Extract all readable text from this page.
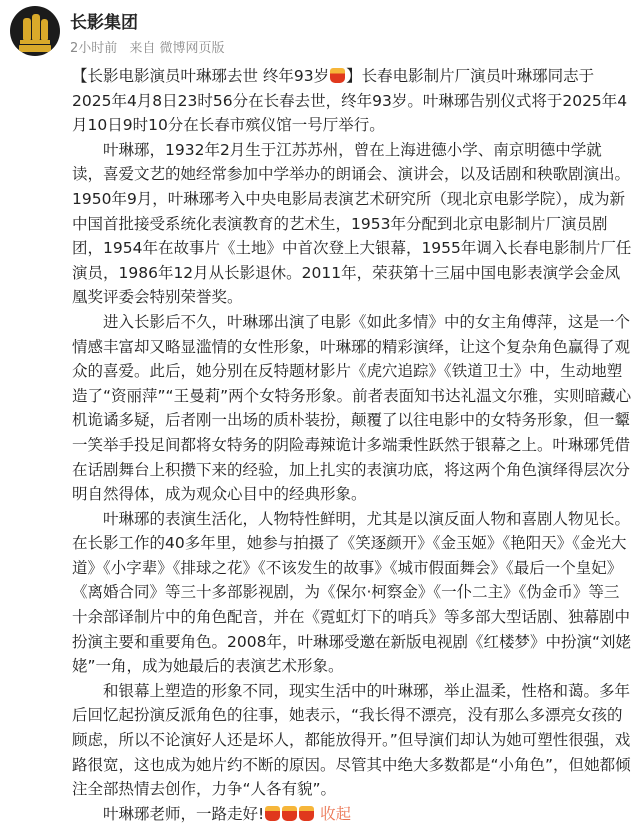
长影集团
2小时前 来自 微博网页版

【长影电影演员叶琳琊去世 终年93岁 】长春电影制片厂演员叶琳琊同志于2025年4月8日23时56分在长春去世，终年93岁。叶琳琊告别仪式将于2025年4月10日9时10分在长春市殡仪馆一号厅举行。

叶琳琊，1932年2月生于江苏苏州，曾在上海进德小学、南京明德中学就读，喜爱文艺的她经常参加中学举办的朗诵会、演讲会，以及话剧和秧歌剧演出。

1950年9月，叶琳琊考入中央电影局表演艺术研究所（现北京电影学院），成为新中国首批接受系统化表演教育的艺术生，1953年分配到北京电影制片厂演员剧团，1954年在故事片《土地》中首次登上大银幕，1955年调入长春电影制片厂任演员，1986年12月从长影退休。2011年，荣获第十三届中国电影表演学会金凤凰奖评委会特别荣誉奖。

进入长影后不久，叶琳琊出演了电影《如此多情》中的女主角傅萍，这是一个情感丰富却又略显滥情的女性形象，叶琳琊的精彩演绎，让这个复杂角色赢得了观众的喜爱。此后，她分别在反特题材影片《虎穴追踪》《铁道卫士》中，生动地塑造了“资丽萍”“王曼莉”两个女特务形象。前者表面知书达礼温文尔雅，实则暗藏心机诡谲多疑，后者刚一出场的质朴装扮，颠覆了以往电影中的女特务形象，但一颦一笑举手投足间都将女特务的阴险毒辣诡计多端秉性跃然于银幕之上。叶琳琊凭借在话剧舞台上积攒下来的经验，加上扎实的表演功底，将这两个角色演绎得层次分明自然得体，成为观众心目中的经典形象。

叶琳琊的表演生活化，人物特性鲜明，尤其是以演反面人物和喜剧人物见长。在长影工作的40多年里，她参与拍摄了《笑逐颜开》《金玉姬》《艳阳天》《金光大道》《小字辈》《排球之花》《不该发生的故事》《城市假面舞会》《最后一个皇妃》《离婚合同》等三十多部影视剧，为《保尔·柯察金》《一仆二主》《伪金币》等三十余部译制片中的角色配音，并在《霓虹灯下的哨兵》等多部大型话剧、独幕剧中扮演主要和重要角色。2008年，叶琳琊受邀在新版电视剧《红楼梦》中扮演“刘姥姥”一角，成为她最后的表演艺术形象。

和银幕上塑造的形象不同，现实生活中的叶琳琊，举止温柔，性格和蔼。多年后回忆起扮演反派角色的往事，她表示，“我长得不漂亮，没有那么多漂亮女孩的顾虑，所以不论演好人还是坏人，都能放得开。”但导演们却认为她可塑性很强，戏路很宽，这也成为她片约不断的原因。尽管其中绝大多数都是“小角色”，但她都倾注全部热情去创作，力争“人各有貌”。

叶琳琊老师，一路走好!	收起
